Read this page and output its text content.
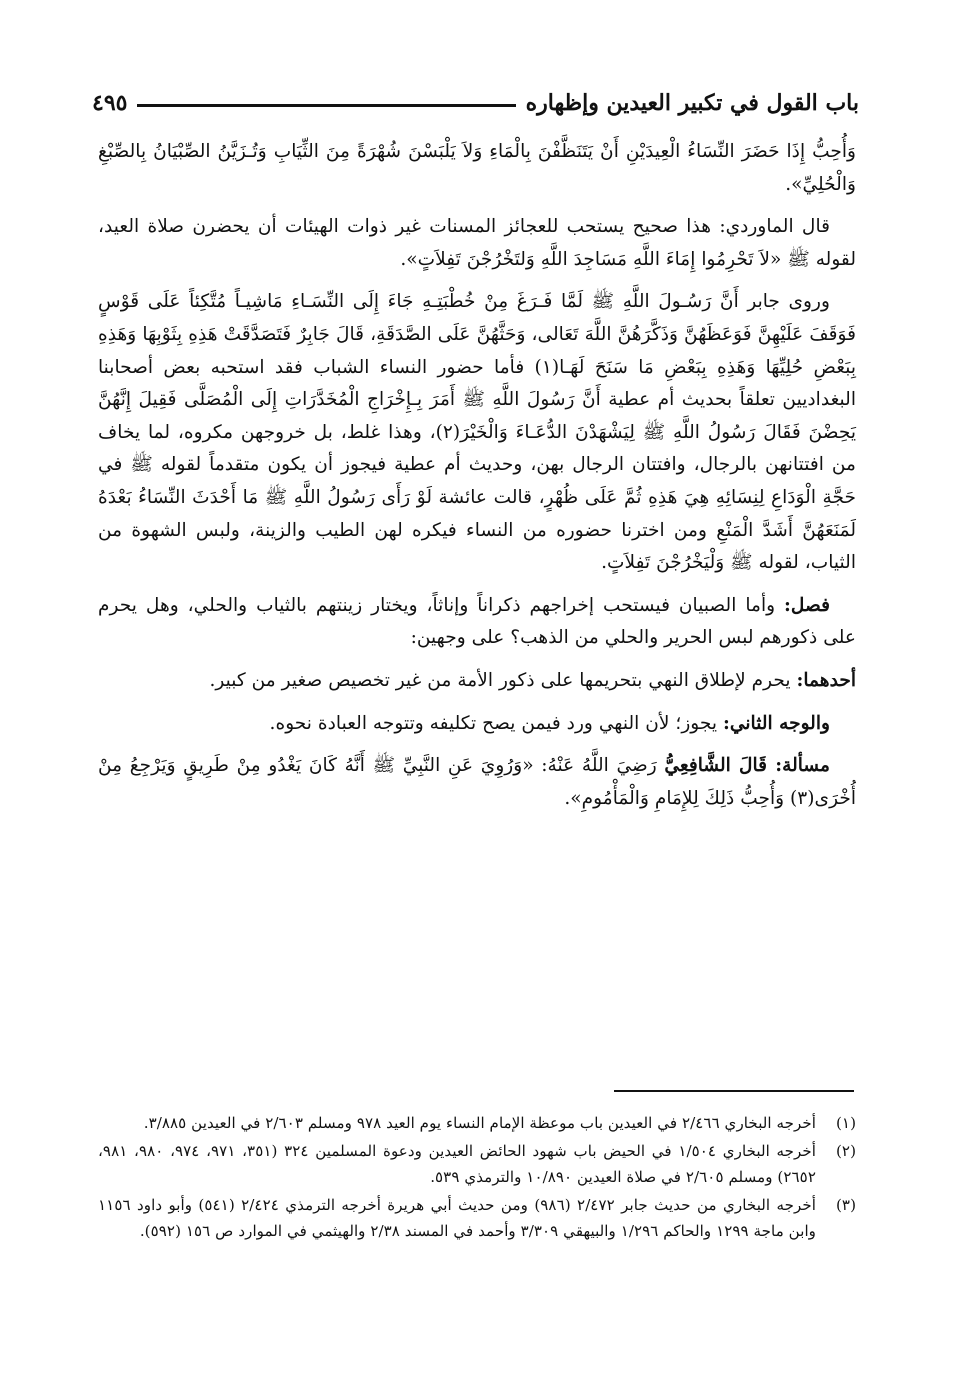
باب القول في تكبير العيدين وإظهاره
٤٩٥

وَأُحِبُّ إِذَا حَضَرَ النِّسَاءُ الْعِيدَيْنِ أَنْ يَتَنَظَّفْنَ بِالْمَاءِ وَلاَ يَلْبَسْنَ شُهْرَةً مِنَ الثِّيَابِ وَتُـزَيَّنُ الصِّبْيَانُ بِالصِّبْغِ وَالْحُلِيِّ».

قال الماوردي: هذا صحيح يستحب للعجائز المسنات غير ذوات الهيئات أن يحضرن صلاة العيد، لقوله ﷺ «لاَ تَحْرِمُوا إِمَاءَ اللَّهِ مَسَاجِدَ اللَّهِ وَلتَخْرُجْنَ تَفِلاَتٍ».

وروى جابر أَنَّ رَسُـولَ اللَّهِ ﷺ لَمَّا فَـرَغَ مِنْ خُطْبَتِـهِ جَاءَ إِلَى النِّسَـاءِ مَاشِيـاً مُتَّكِئاً عَلَى قَوْسٍ فَوَقَفَ عَلَيْهِنَّ فَوَعَظَهُنَّ وَذَكَّرَهُنَّ اللَّهَ تَعَالى، وَحَثَّهُنَّ عَلَى الصَّدَقَةِ، قَالَ جَابِرٌ فَتَصَدَّقَتْ هَذِهِ بِثَوْبِهَا وَهَذِهِ بِبَعْضِ حُلِيِّهَا وَهَذِهِ بِبَعْضِ مَا سَنَحَ لَهَـا(١) فأما حضور النساء الشباب فقد استحبه بعض أصحابنا البغداديين تعلقاً بحديث أم عطية أَنَّ رَسُولَ اللَّهِ ﷺ أَمَرَ بِـإِخْرَاجِ الْمُخَدَّرَاتِ إِلَى الْمُصَلَّى فَقِيلَ إِنَّهُنَّ يَحِضْنَ فَقَالَ رَسُولُ اللَّهِ ﷺ لِيَشْهَدْنَ الدُّعَـاءَ وَالْخَيْرَ(٢)، وهذا غلط، بل خروجهن مكروه، لما يخاف من افتتانهن بالرجال، وافتتان الرجال بهن، وحديث أم عطية فيجوز أن يكون متقدماً لقوله ﷺ في حَجَّةِ الْوَدَاعِ لِنِسَائِهِ هِيَ هَذِهِ ثُمَّ عَلَى ظُهْرٍ، قالت عائشة لَوْ رَأَى رَسُولُ اللَّهِ ﷺ مَا أَحْدَثَ النِّسَاءُ بَعْدَهُ لَمَنَعَهُنَّ أَشَدَّ الْمَنْعِ ومن اخترنا حضوره من النساء فيكره لهن الطيب والزينة، ولبس الشهوة من الثياب، لقوله ﷺ وَلْيَخْرُجْنَ تَفِلاَتٍ.

فصل: وأما الصبيان فيستحب إخراجهم ذكراناً وإناثاً، ويختار زينتهم بالثياب والحلي، وهل يحرم على ذكورهم لبس الحرير والحلي من الذهب؟ على وجهين:

أحدهما: يحرم لإطلاق النهي بتحريمها على ذكور الأمة من غير تخصيص صغير من كبير.

والوجه الثاني: يجوز؛ لأن النهي ورد فيمن يصح تكليفه وتتوجه العبادة نحوه.

مسألة: قَالَ الشَّافِعِيُّ رَضِيَ اللَّهُ عَنْهُ: «وَرُوِيَ عَنِ النَّبِيِّ ﷺ أَنَّهُ كَانَ يَغْدُو مِنْ طَرِيقٍ وَيَرْجِعُ مِنْ أُخْرَى(٣) وَأُحِبُّ ذَلِكَ لِلإِمَامِ وَالْمَأْمُومِ».

(١)
أخرجه البخاري ٢/٤٦٦ في العيدين باب موعظة الإمام النساء يوم العيد ٩٧٨ ومسلم ٢/٦٠٣ في العيدين ٣/٨٨٥.
(٢)
أخرجه البخاري ١/٥٠٤ في الحيض باب شهود الحائض العيدين ودعوة المسلمين ٣٢٤ (٣٥١، ٩٧١، ٩٧٤، ٩٨٠، ٩٨١، ٢٦٥٢) ومسلم ٢/٦٠٥ في صلاة العيدين ١٠/٨٩٠ والترمذي ٥٣٩.
(٣)
أخرجه البخاري من حديث جابر ٢/٤٧٢ (٩٨٦) ومن حديث أبي هريرة أخرجه الترمذي ٢/٤٢٤ (٥٤١) وأبو داود ١١٥٦ وابن ماجة ١٢٩٩ والحاكم ١/٢٩٦ والبيهقي ٣/٣٠٩ وأحمد في المسند ٢/٣٨ والهيثمي في الموارد ص ١٥٦ (٥٩٢).
